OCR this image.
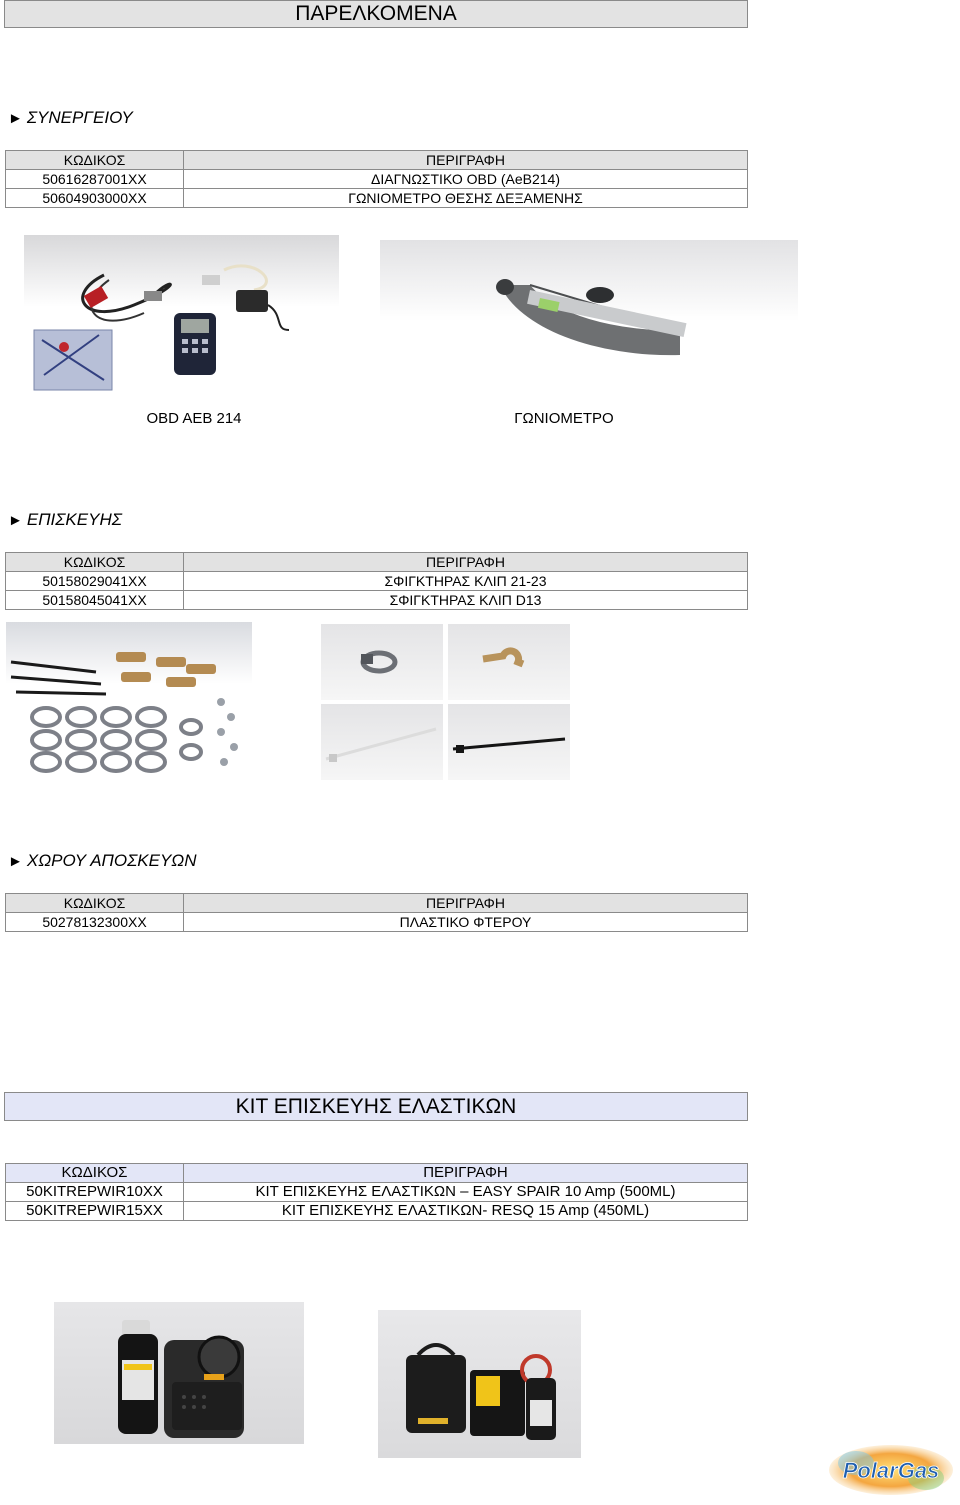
ΠΑΡΕΛΚΟΜΕΝΑ
► ΣΥΝΕΡΓΕΙΟΥ
ΚΩΔΙΚΟΣ	ΠΕΡΙΓΡΑΦΗ
50616287001XX	ΔΙΑΓΝΩΣΤΙΚΟ OBD (AeB214)
50604903000XX	ΓΩΝΙΟΜΕΤΡΟ ΘΕΣΗΣ ΔΕΞΑΜΕΝΗΣ
OBD AEB 214	ΓΩΝΙΟΜΕΤΡΟ
► ΕΠΙΣΚΕΥΗΣ
ΚΩΔΙΚΟΣ	ΠΕΡΙΓΡΑΦΗ
50158029041XX	ΣΦΙΓΚΤΗΡΑΣ ΚΛΙΠ 21-23
50158045041XX	ΣΦΙΓΚΤΗΡΑΣ ΚΛΙΠ D13
► ΧΩΡΟΥ ΑΠΟΣΚΕΥΩΝ
ΚΩΔΙΚΟΣ	ΠΕΡΙΓΡΑΦΗ
50278132300XX	ΠΛΑΣΤΙΚΟ ΦΤΕΡΟΥ
ΚΙΤ ΕΠΙΣΚΕΥΗΣ ΕΛΑΣΤΙΚΩΝ
ΚΩΔΙΚΟΣ	ΠΕΡΙΓΡΑΦΗ
50KITREPWIR10XX	ΚΙΤ ΕΠΙΣΚΕΥΗΣ ΕΛΑΣΤΙΚΩΝ – EASY SPAIR 10 Amp (500ML)
50KITREPWIR15XX	ΚΙΤ ΕΠΙΣΚΕΥΗΣ ΕΛΑΣΤΙΚΩΝ- RESQ 15 Amp (450ML)
PolarGas
